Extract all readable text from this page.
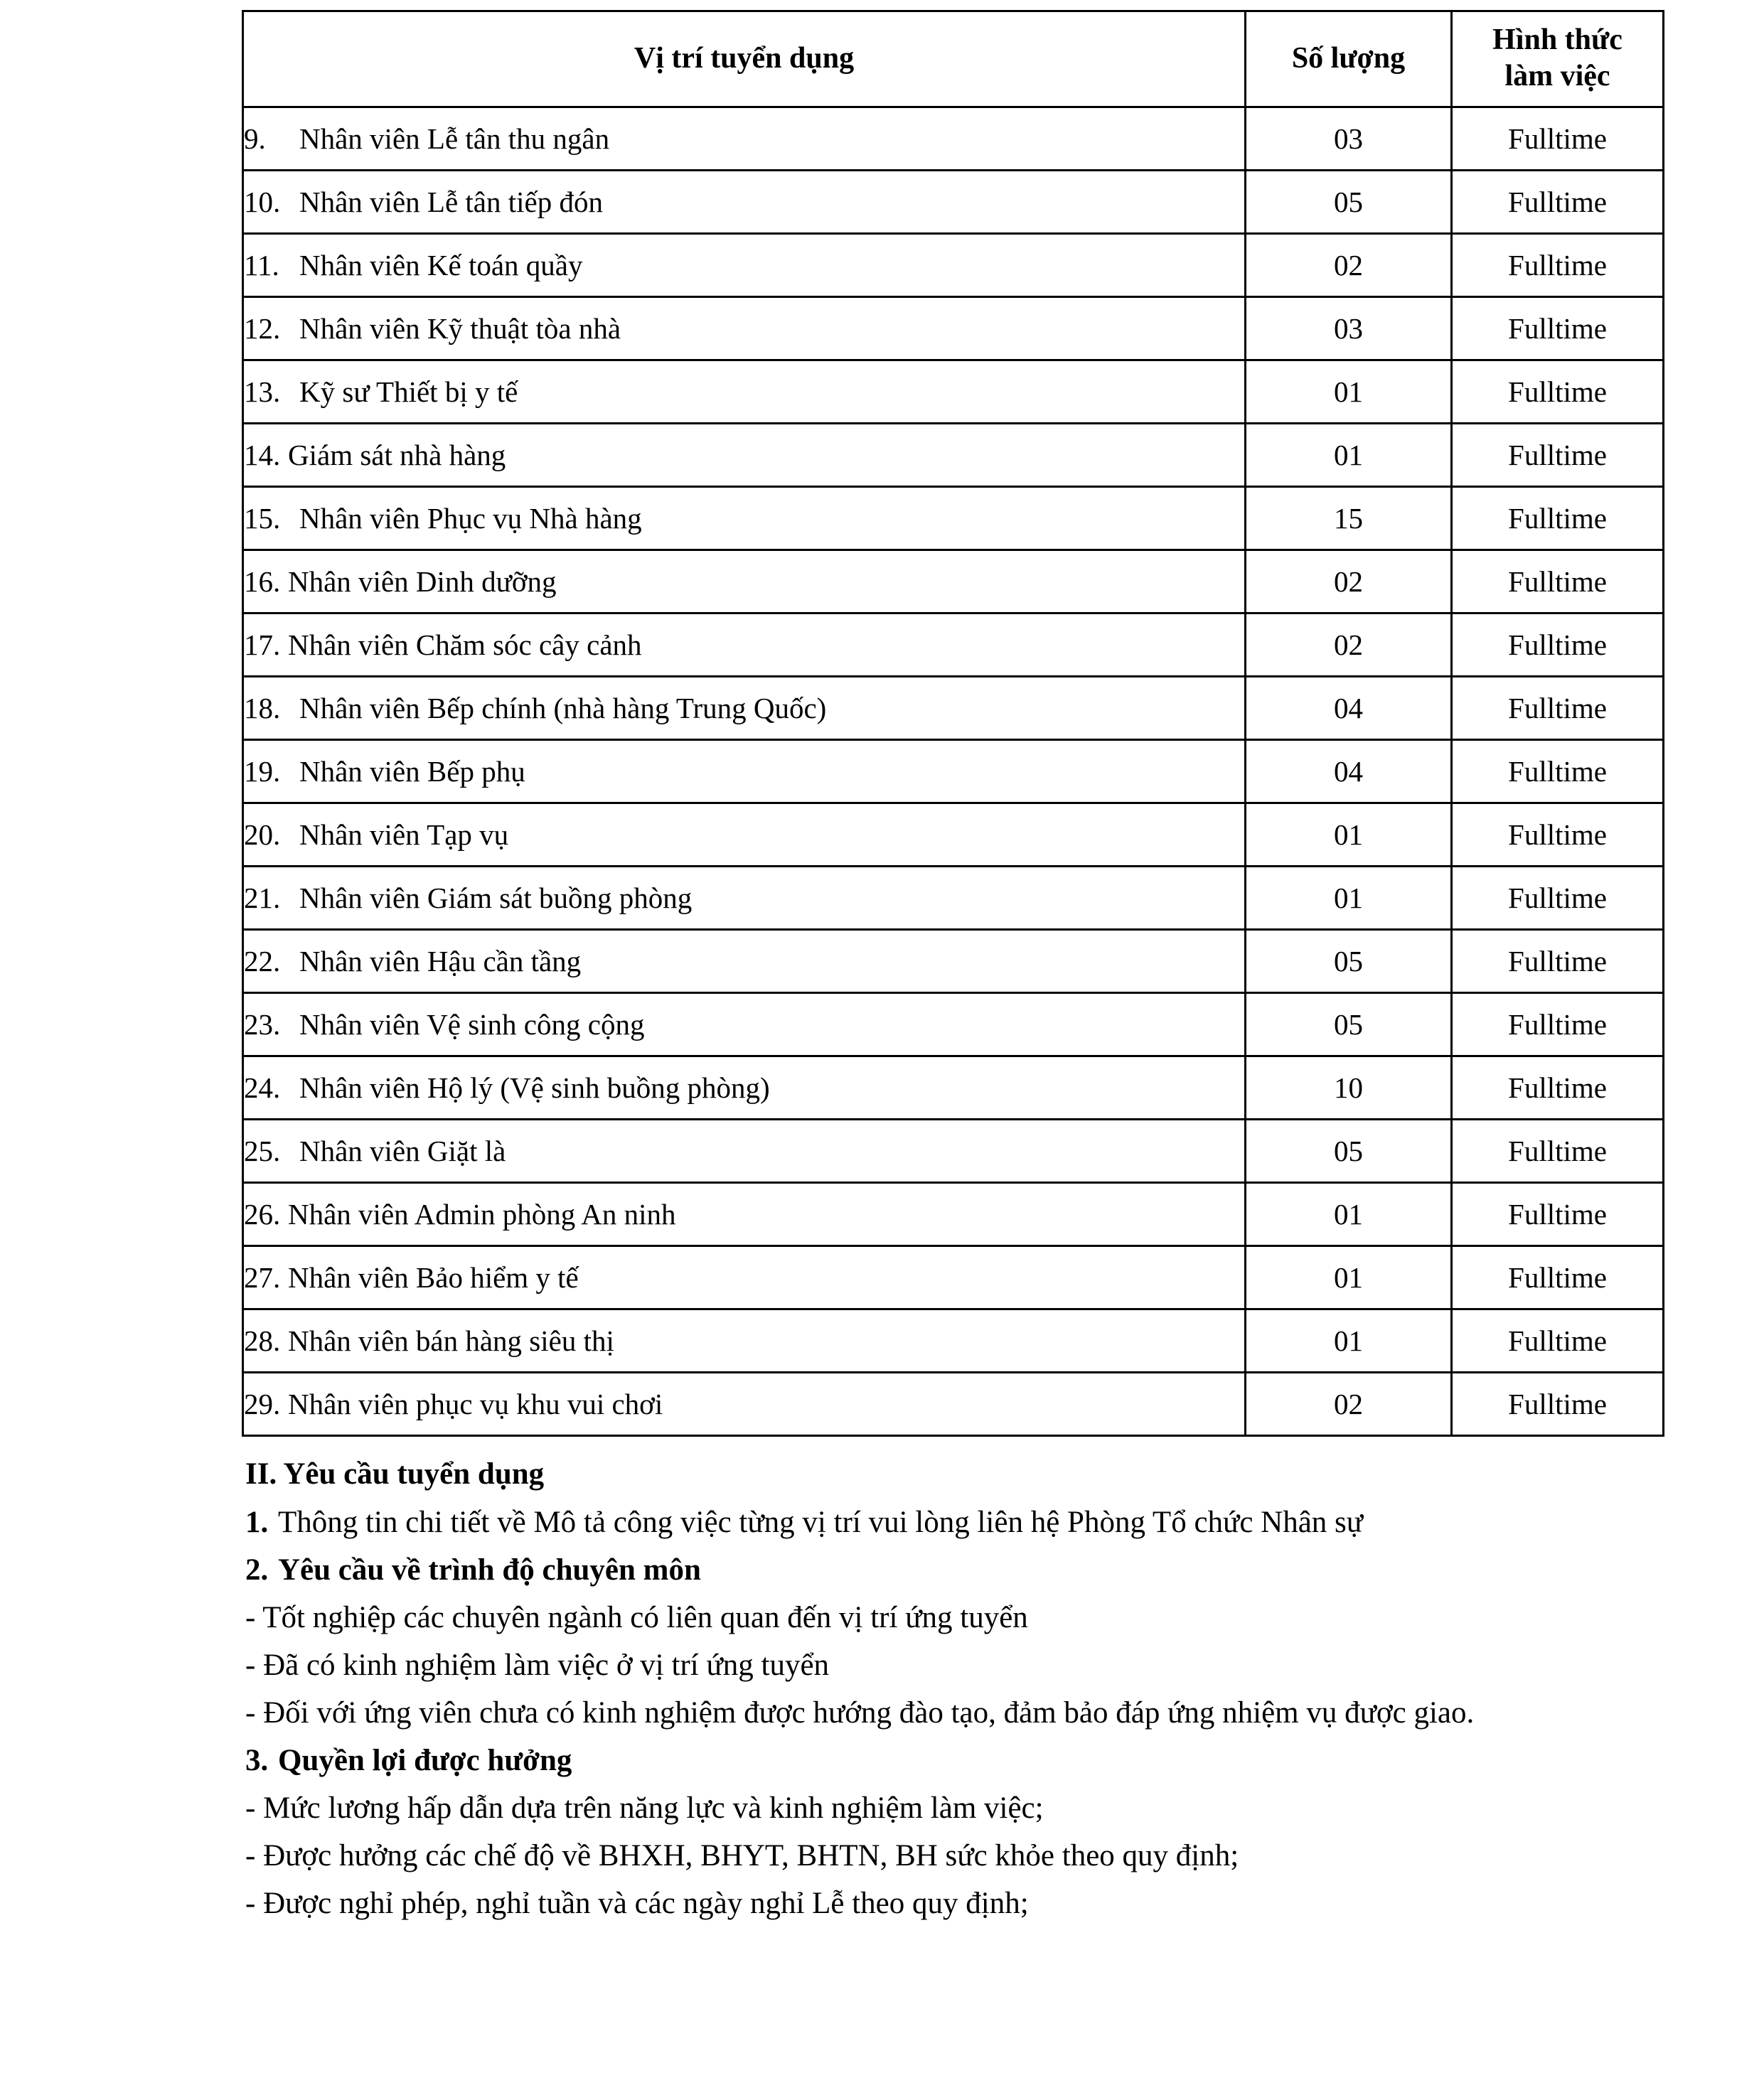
Vị trí tuyển dụng	Số lượng	Hình thức
làm việc

9. Nhân viên Lễ tân thu ngân	03	Fulltime
10. Nhân viên Lễ tân tiếp đón	05	Fulltime
11. Nhân viên Kế toán quầy	02	Fulltime
12. Nhân viên Kỹ thuật tòa nhà	03	Fulltime
13. Kỹ sư Thiết bị y tế	01	Fulltime
14. Giám sát nhà hàng	01	Fulltime
15. Nhân viên Phục vụ Nhà hàng	15	Fulltime
16. Nhân viên Dinh dưỡng	02	Fulltime
17. Nhân viên Chăm sóc cây cảnh	02	Fulltime
18. Nhân viên Bếp chính (nhà hàng Trung Quốc)	04	Fulltime
19. Nhân viên Bếp phụ	04	Fulltime
20. Nhân viên Tạp vụ	01	Fulltime
21. Nhân viên Giám sát buồng phòng	01	Fulltime
22. Nhân viên Hậu cần tầng	05	Fulltime
23. Nhân viên Vệ sinh công cộng	05	Fulltime
24. Nhân viên Hộ lý (Vệ sinh buồng phòng)	10	Fulltime
25. Nhân viên Giặt là	05	Fulltime
26. Nhân viên Admin phòng An ninh	01	Fulltime
27. Nhân viên Bảo hiểm y tế	01	Fulltime
28. Nhân viên bán hàng siêu thị	01	Fulltime
29. Nhân viên phục vụ khu vui chơi	02	Fulltime

II. Yêu cầu tuyển dụng

1. Thông tin chi tiết về Mô tả công việc từng vị trí vui lòng liên hệ Phòng Tổ chức Nhân sự

2. Yêu cầu về trình độ chuyên môn

- Tốt nghiệp các chuyên ngành có liên quan đến vị trí ứng tuyển

- Đã có kinh nghiệm làm việc ở vị trí ứng tuyển

- Đối với ứng viên chưa có kinh nghiệm được hướng đào tạo, đảm bảo đáp ứng nhiệm vụ được giao.

3. Quyền lợi được hưởng

- Mức lương hấp dẫn dựa trên năng lực và kinh nghiệm làm việc;

- Được hưởng các chế độ về BHXH, BHYT, BHTN, BH sức khỏe theo quy định;

- Được nghỉ phép, nghỉ tuần và các ngày nghỉ Lễ theo quy định;
